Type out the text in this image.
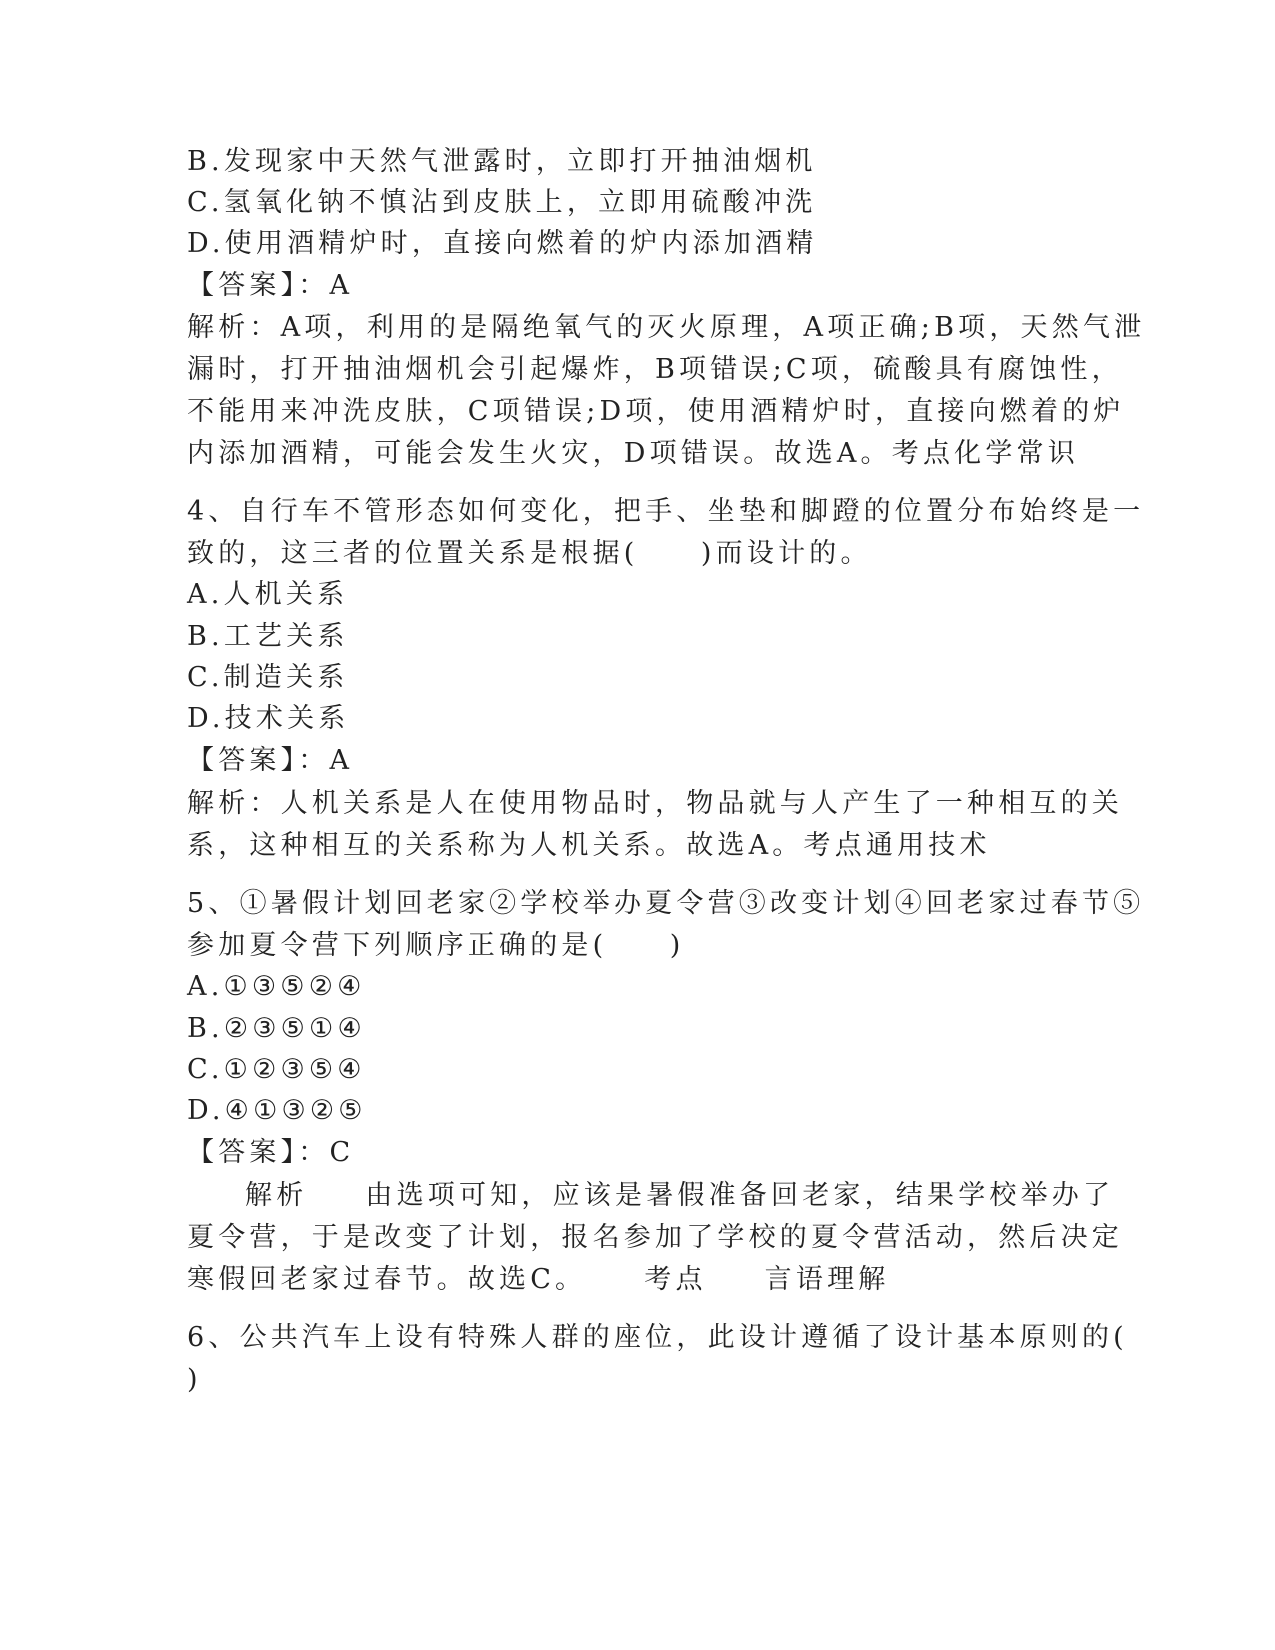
B.发现家中天然气泄露时，立即打开抽油烟机
C.氢氧化钠不慎沾到皮肤上，立即用硫酸冲洗
D.使用酒精炉时，直接向燃着的炉内添加酒精
【答案】：A
解析：A项，利用的是隔绝氧气的灭火原理，A项正确;B项，天然气泄
漏时，打开抽油烟机会引起爆炸，B项错误;C项，硫酸具有腐蚀性，
不能用来冲洗皮肤，C项错误;D项，使用酒精炉时，直接向燃着的炉
内添加酒精，可能会发生火灾，D项错误。故选A。考点化学常识
4、自行车不管形态如何变化，把手、坐垫和脚蹬的位置分布始终是一
致的，这三者的位置关系是根据(　　)而设计的。
A.人机关系
B.工艺关系
C.制造关系
D.技术关系
【答案】：A
解析：人机关系是人在使用物品时，物品就与人产生了一种相互的关
系，这种相互的关系称为人机关系。故选A。考点通用技术
5、①暑假计划回老家②学校举办夏令营③改变计划④回老家过春节⑤
参加夏令营下列顺序正确的是(　　)
A.①③⑤②④
B.②③⑤①④
C.①②③⑤④
D.④①③②⑤
【答案】：C
解析 由选项可知，应该是暑假准备回老家，结果学校举办了
夏令营，于是改变了计划，报名参加了学校的夏令营活动，然后决定
寒假回老家过春节。故选C。 考点 言语理解
6、公共汽车上设有特殊人群的座位，此设计遵循了设计基本原则的(
)
